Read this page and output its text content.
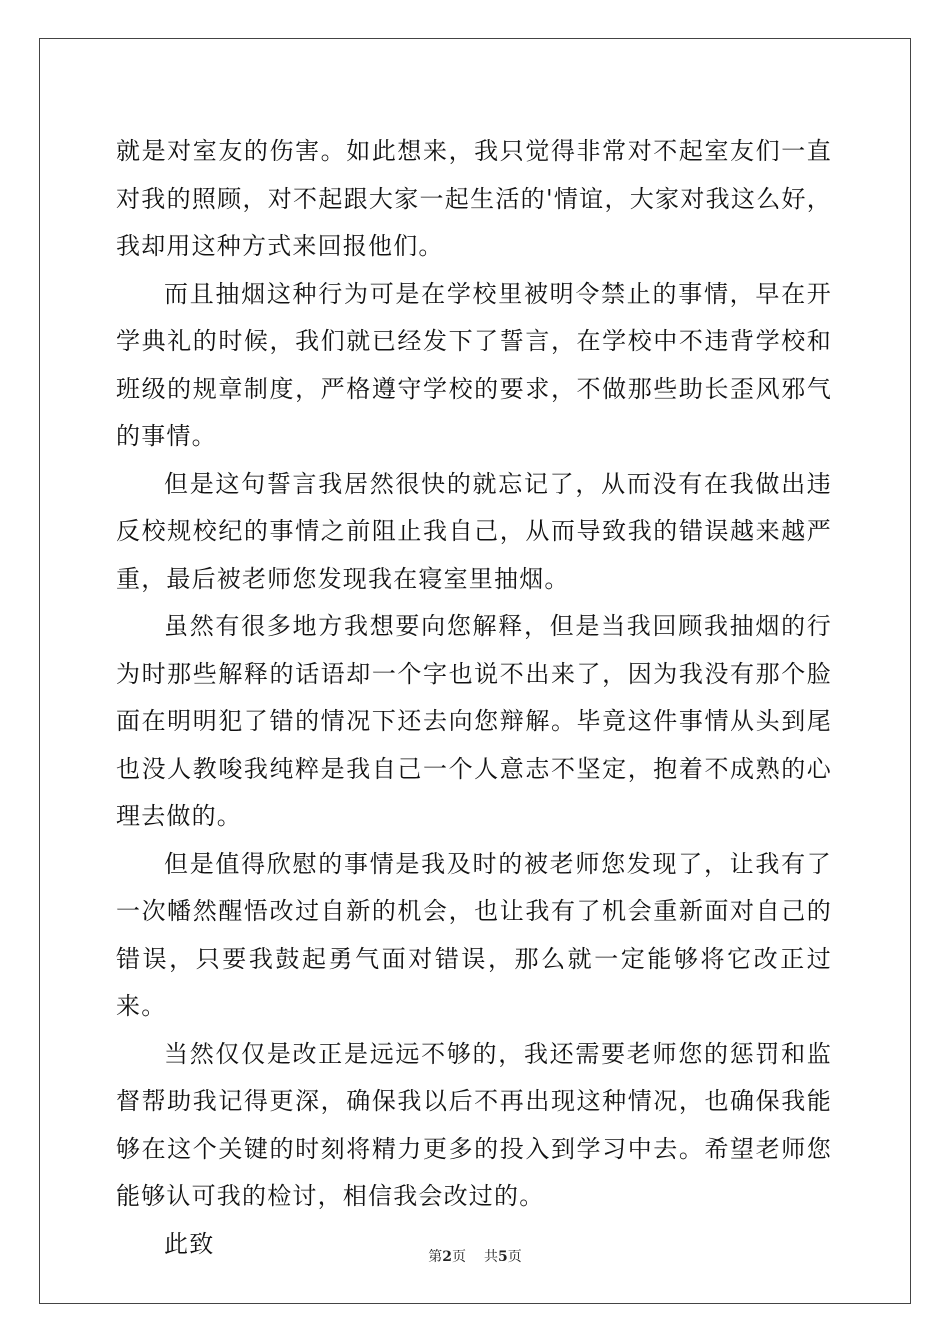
就是对室友的伤害。如此想来，我只觉得非常对不起室友们一直对我的照顾，对不起跟大家一起生活的'情谊，大家对我这么好，我却用这种方式来回报他们。

而且抽烟这种行为可是在学校里被明令禁止的事情，早在开学典礼的时候，我们就已经发下了誓言，在学校中不违背学校和班级的规章制度，严格遵守学校的要求，不做那些助长歪风邪气的事情。

但是这句誓言我居然很快的就忘记了，从而没有在我做出违反校规校纪的事情之前阻止我自己，从而导致我的错误越来越严重，最后被老师您发现我在寝室里抽烟。

虽然有很多地方我想要向您解释，但是当我回顾我抽烟的行为时那些解释的话语却一个字也说不出来了，因为我没有那个脸面在明明犯了错的情况下还去向您辩解。毕竟这件事情从头到尾也没人教唆我纯粹是我自己一个人意志不坚定，抱着不成熟的心理去做的。

但是值得欣慰的事情是我及时的被老师您发现了，让我有了一次幡然醒悟改过自新的机会，也让我有了机会重新面对自己的错误，只要我鼓起勇气面对错误，那么就一定能够将它改正过来。

当然仅仅是改正是远远不够的，我还需要老师您的惩罚和监督帮助我记得更深，确保我以后不再出现这种情况，也确保我能够在这个关键的时刻将精力更多的投入到学习中去。希望老师您能够认可我的检讨，相信我会改过的。

此致	第2页 共5页
